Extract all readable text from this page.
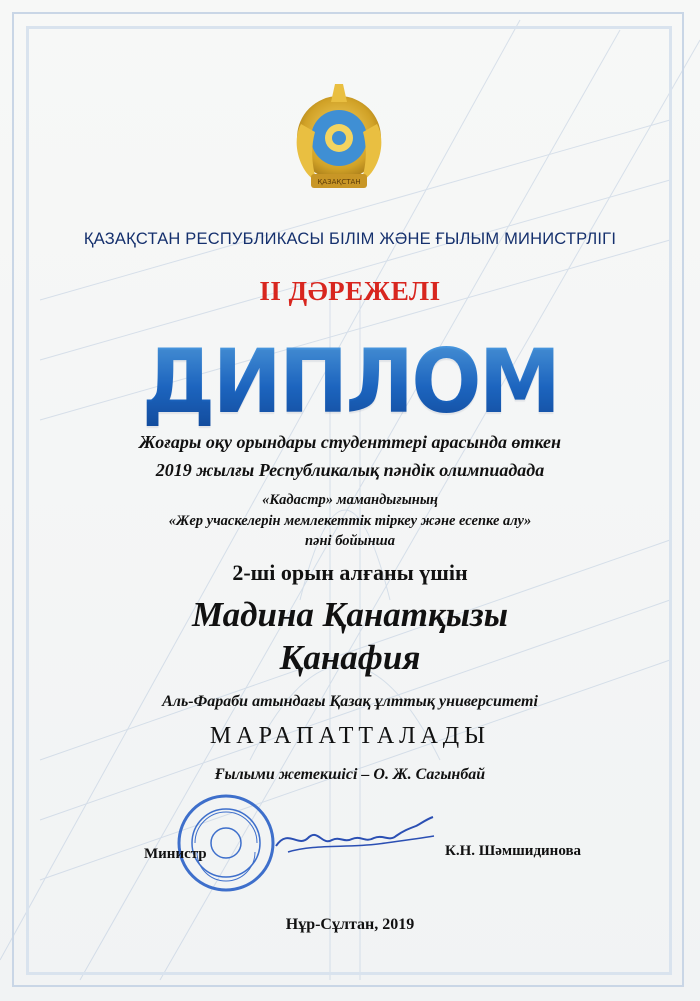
ҚАЗАҚСТАН
ҚАЗАҚСТАН РЕСПУБЛИКАСЫ БІЛІМ ЖӘНЕ ҒЫЛЫМ МИНИСТРЛІГІ
II ДӘРЕЖЕЛІ
ДИПЛОМ
Жоғары оқу орындары студенттері арасында өткен
2019 жылғы Республикалық пәндік олимпиадада
«Кадастр» мамандығының
«Жер учаскелерін мемлекеттік тіркеу және есепке алу»
пәні бойынша
2-ші орын алғаны үшін
Мадина Қанатқызы
Қанафия
Аль-Фараби атындағы Қазақ ұлттық университеті
МАРАПАТТАЛАДЫ
Ғылыми жетекшісі – О. Ж. Сагынбай
Министр	К.Н. Шәмшидинова
Нұр-Сұлтан, 2019
